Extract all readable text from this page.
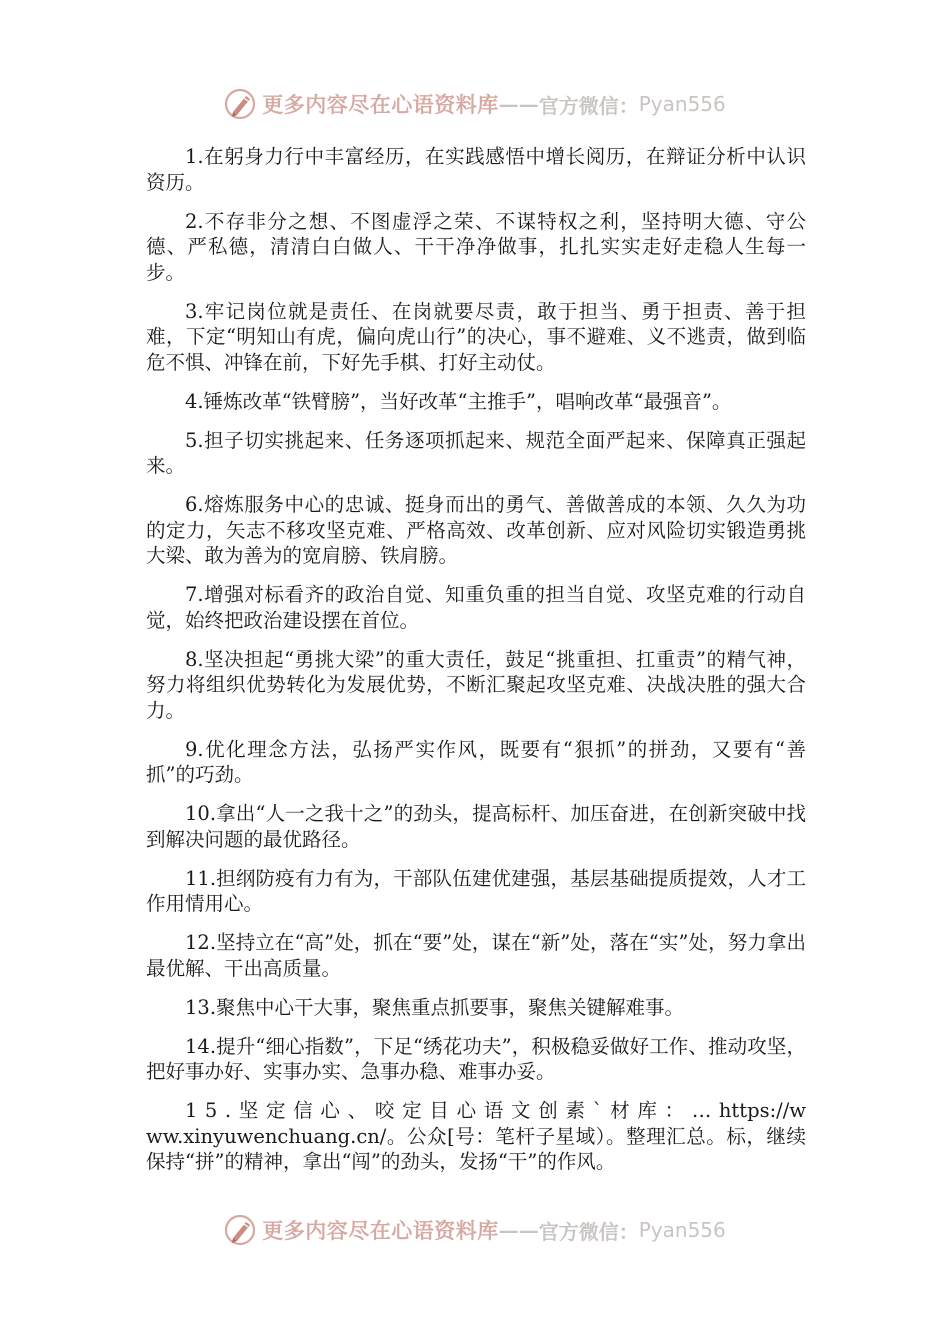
更多内容尽在心语资料库 —— 官方微信： Pyan556

1.在躬身力行中丰富经历，在实践感悟中增长阅历，在辩证分析中认识资历。

2.不存非分之想、不图虚浮之荣、不谋特权之利，坚持明大德、守公德、严私德，清清白白做人、干干净净做事，扎扎实实走好走稳人生每一步。

3.牢记岗位就是责任、在岗就要尽责，敢于担当、勇于担责、善于担难，下定“明知山有虎，偏向虎山行”的决心，事不避难、义不逃责，做到临危不惧、冲锋在前，下好先手棋、打好主动仗。

4.锤炼改革“铁臂膀”，当好改革“主推手”，唱响改革“最强音”。

5.担子切实挑起来、任务逐项抓起来、规范全面严起来、保障真正强起来。

6.熔炼服务中心的忠诚、挺身而出的勇气、善做善成的本领、久久为功的定力，矢志不移攻坚克难、严格高效、改革创新、应对风险切实锻造勇挑大梁、敢为善为的宽肩膀、铁肩膀。

7.增强对标看齐的政治自觉、知重负重的担当自觉、攻坚克难的行动自觉，始终把政治建设摆在首位。

8.坚决担起“勇挑大梁”的重大责任，鼓足“挑重担、扛重责”的精气神，努力将组织优势转化为发展优势，不断汇聚起攻坚克难、决战决胜的强大合力。

9.优化理念方法，弘扬严实作风，既要有“狠抓”的拼劲，又要有“善抓”的巧劲。

10.拿出“人一之我十之”的劲头，提高标杆、加压奋进，在创新突破中找到解决问题的最优路径。

11.担纲防疫有力有为，干部队伍建优建强，基层基础提质提效，人才工作用情用心。

12.坚持立在“高”处，抓在“要”处，谋在“新”处，落在“实”处，努力拿出最优解、干出高质量。

13.聚焦中心干大事，聚焦重点抓要事，聚焦关键解难事。

14.提升“细心指数”，下足“绣花功夫”，积极稳妥做好工作、推动攻坚，把好事办好、实事办实、急事办稳、难事办妥。

15.坚定信心、咬定目心语文创素`材库：…https://www.xinyuwenchuang.cn/。公众[号：笔杆子星域）。整理汇总。标，继续保持“拼”的精神，拿出“闯”的劲头，发扬“干”的作风。

更多内容尽在心语资料库 —— 官方微信： Pyan556
